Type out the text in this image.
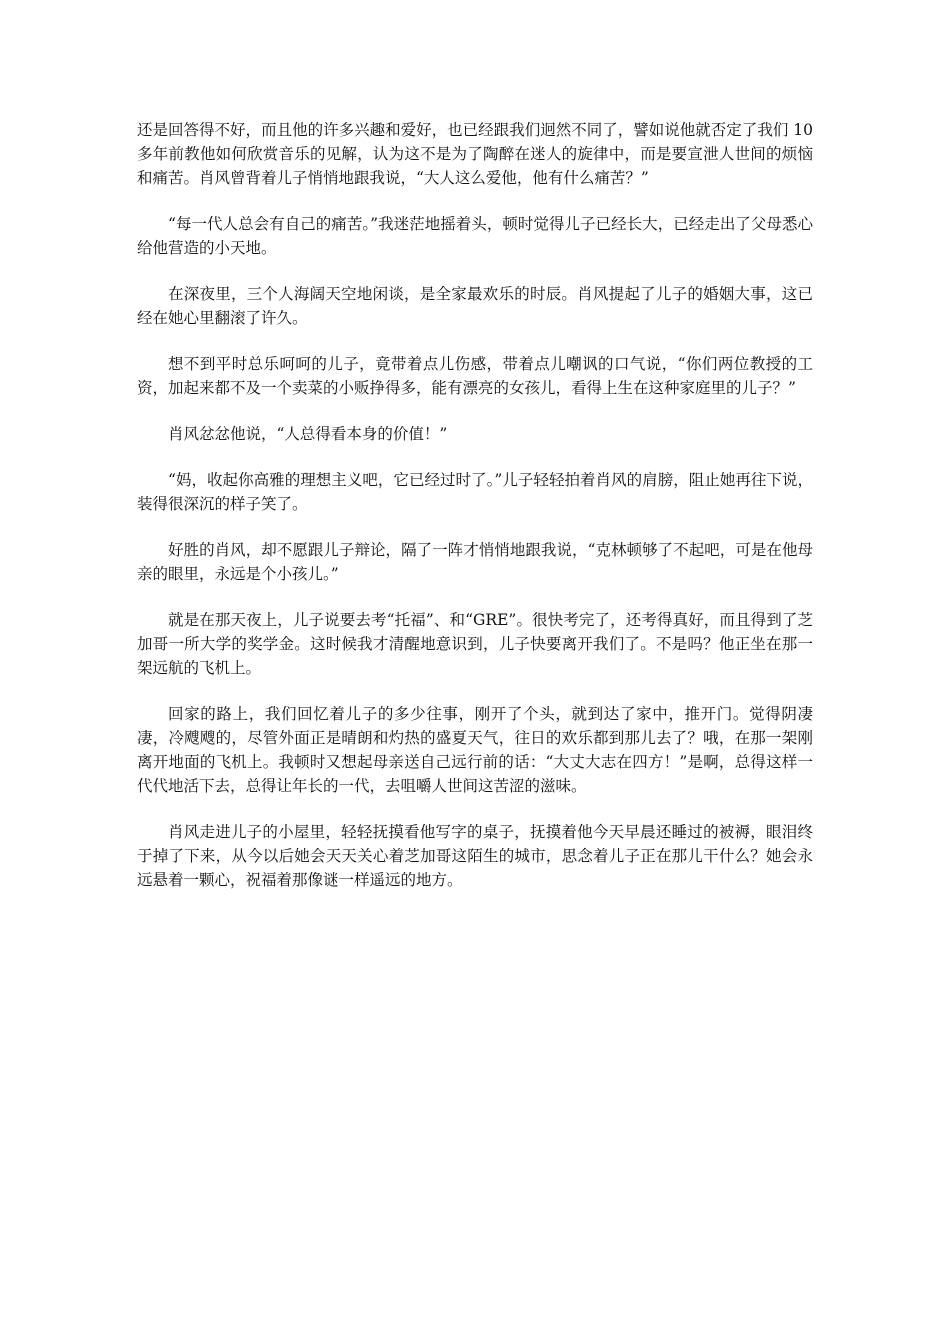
还是回答得不好，而且他的许多兴趣和爱好，也已经跟我们迥然不同了，譬如说他就否定了我们 10 多年前教他如何欣赏音乐的见解，认为这不是为了陶醉在迷人的旋律中，而是要宣泄人世间的烦恼和痛苦。肖风曾背着儿子悄悄地跟我说，“大人这么爱他，他有什么痛苦？”

“每一代人总会有自己的痛苦。”我迷茫地摇着头，顿时觉得儿子已经长大，已经走出了父母悉心给他营造的小天地。

在深夜里，三个人海阔天空地闲谈，是全家最欢乐的时辰。肖风提起了儿子的婚姻大事，这已经在她心里翻滚了许久。

想不到平时总乐呵呵的儿子，竟带着点儿伤感，带着点儿嘲讽的口气说，“你们两位教授的工资，加起来都不及一个卖菜的小贩挣得多，能有漂亮的女孩儿，看得上生在这种家庭里的儿子？”

肖风忿忿他说，“人总得看本身的价值！”

“妈，收起你高雅的理想主义吧，它已经过时了。”儿子轻轻拍着肖风的肩膀，阻止她再往下说，装得很深沉的样子笑了。

好胜的肖风，却不愿跟儿子辩论，隔了一阵才悄悄地跟我说，“克林顿够了不起吧，可是在他母亲的眼里，永远是个小孩儿。”

就是在那天夜上，儿子说要去考“托福”、和“GRE”。很快考完了，还考得真好，而且得到了芝加哥一所大学的奖学金。这时候我才清醒地意识到，儿子快要离开我们了。不是吗？他正坐在那一架远航的飞机上。

回家的路上，我们回忆着儿子的多少往事，刚开了个头，就到达了家中，推开门。觉得阴凄凄，冷飕飕的，尽管外面正是晴朗和灼热的盛夏天气，往日的欢乐都到那儿去了？哦，在那一架刚离开地面的飞机上。我顿时又想起母亲送自己远行前的话：“大丈大志在四方！”是啊，总得这样一代代地活下去，总得让年长的一代，去咀嚼人世间这苦涩的滋味。

肖风走进儿子的小屋里，轻轻抚摸看他写字的桌子，抚摸着他今天早晨还睡过的被褥，眼泪终于掉了下来，从今以后她会天天关心着芝加哥这陌生的城市，思念着儿子正在那儿干什么？她会永远悬着一颗心，祝福着那像谜一样遥远的地方。
